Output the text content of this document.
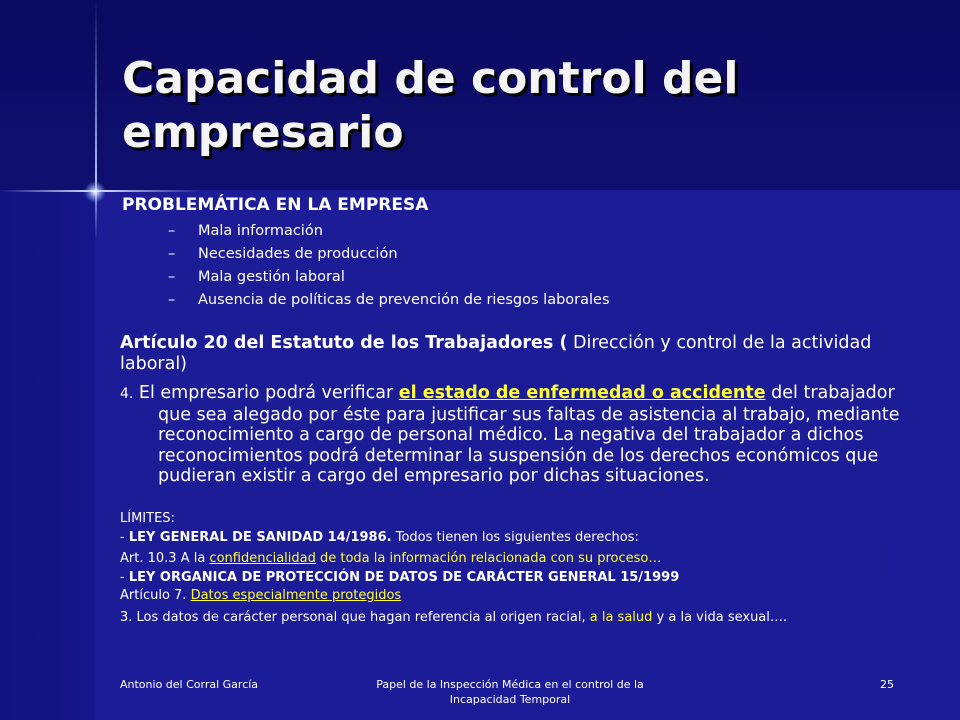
Capacidad de control del empresario

PROBLEMÁTICA EN LA EMPRESA

– Mala información
– Necesidades de producción
– Mala gestión laboral
– Ausencia de políticas de prevención de riesgos laborales

Artículo 20 del Estatuto de los Trabajadores ( Dirección y control de la actividad laboral)

4. El empresario podrá verificar el estado de enfermedad o accidente del trabajador que sea alegado por éste para justificar sus faltas de asistencia al trabajo, mediante reconocimiento a cargo de personal médico. La negativa del trabajador a dichos reconocimientos podrá determinar la suspensión de los derechos económicos que pudieran existir a cargo del empresario por dichas situaciones.

LÍMITES:

- LEY GENERAL DE SANIDAD 14/1986. Todos tienen los siguientes derechos:

Art. 10.3 A la confidencialidad de toda la información relacionada con su proceso…

- LEY ORGANICA DE PROTECCIÓN DE DATOS DE CARÁCTER GENERAL 15/1999

Artículo 7. Datos especialmente protegidos

3. Los datos de carácter personal que hagan referencia al origen racial, a la salud y a la vida sexual….

Antonio del Corral García	Papel de la Inspección Médica en el control de la Incapacidad Temporal
25
